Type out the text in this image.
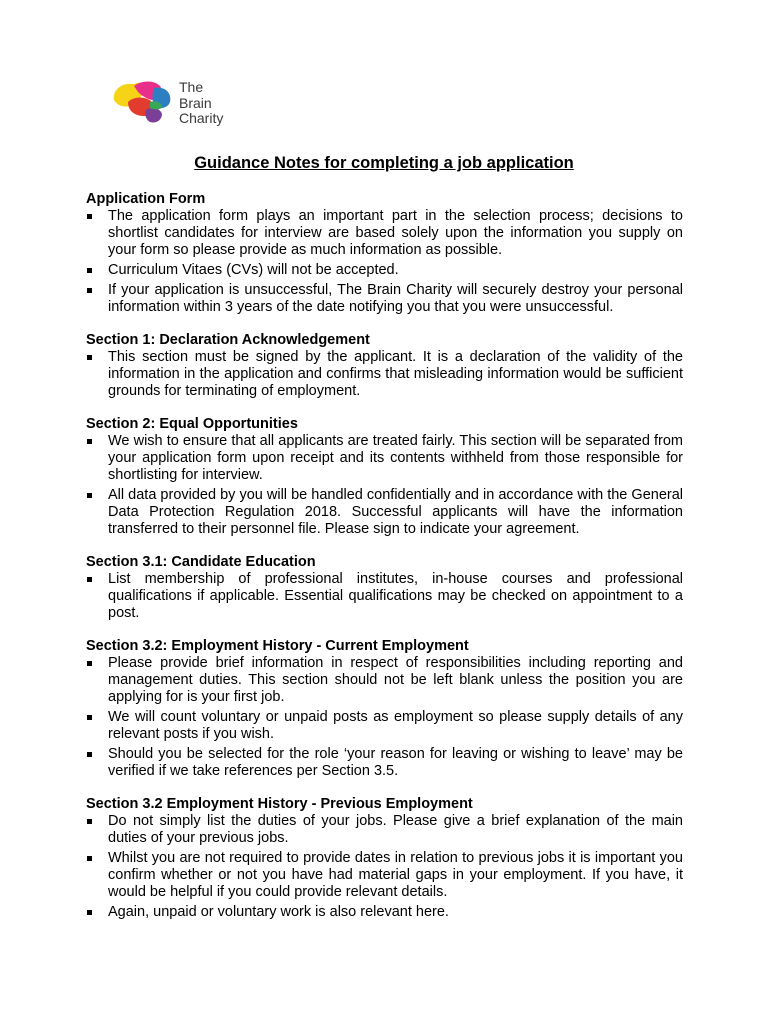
The
Brain
Charity
Guidance Notes for completing a job application
Application Form
The application form plays an important part in the selection process; decisions to shortlist candidates for interview are based solely upon the information you supply on your form so please provide as much information as possible.
Curriculum Vitaes (CVs) will not be accepted.
If your application is unsuccessful, The Brain Charity will securely destroy your personal information within 3 years of the date notifying you that you were unsuccessful.
Section 1: Declaration Acknowledgement
This section must be signed by the applicant. It is a declaration of the validity of the information in the application and confirms that misleading information would be sufficient grounds for terminating of employment.
Section 2: Equal Opportunities
We wish to ensure that all applicants are treated fairly. This section will be separated from your application form upon receipt and its contents withheld from those responsible for shortlisting for interview.
All data provided by you will be handled confidentially and in accordance with the General Data Protection Regulation 2018. Successful applicants will have the information transferred to their personnel file. Please sign to indicate your agreement.
Section 3.1: Candidate Education
List membership of professional institutes, in-house courses and professional qualifications if applicable. Essential qualifications may be checked on appointment to a post.
Section 3.2: Employment History - Current Employment
Please provide brief information in respect of responsibilities including reporting and management duties. This section should not be left blank unless the position you are applying for is your first job.
We will count voluntary or unpaid posts as employment so please supply details of any relevant posts if you wish.
Should you be selected for the role ‘your reason for leaving or wishing to leave’ may be verified if we take references per Section 3.5.
Section 3.2 Employment History - Previous Employment
Do not simply list the duties of your jobs. Please give a brief explanation of the main duties of your previous jobs.
Whilst you are not required to provide dates in relation to previous jobs it is important you confirm whether or not you have had material gaps in your employment. If you have, it would be helpful if you could provide relevant details.
Again, unpaid or voluntary work is also relevant here.
